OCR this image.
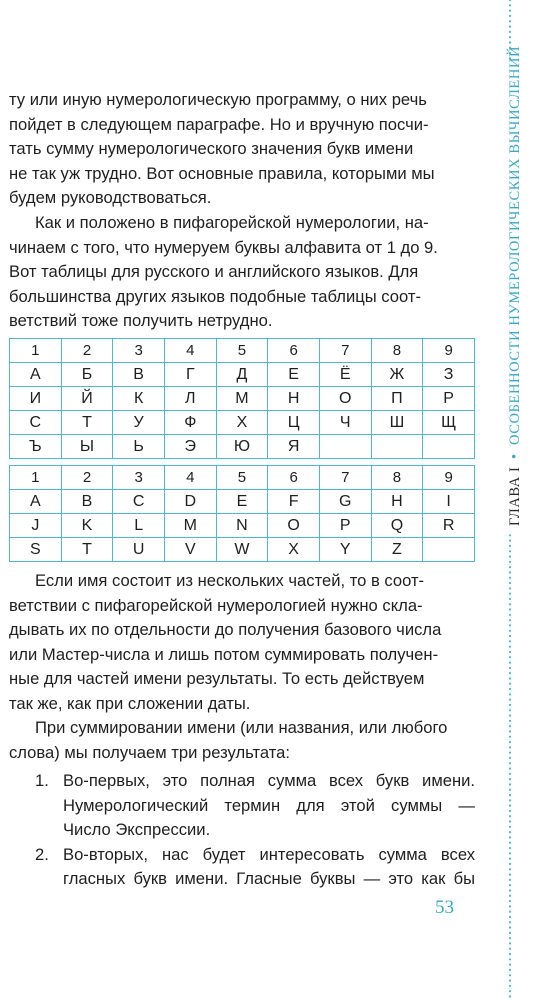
ту или иную нумерологическую программу, о них речь
пойдет в следующем параграфе. Но и вручную посчи-
тать сумму нумерологического значения букв имени
не так уж трудно. Вот основные правила, которыми мы
будем руководствоваться.

Как и положено в пифагорейской нумерологии, на-
чинаем с того, что нумеруем буквы алфавита от 1 до 9.
Вот таблицы для русского и английского языков. Для
большинства других языков подобные таблицы соот-
ветствий тоже получить нетрудно.

1	2	3	4	5	6	7	8	9
А	Б	В	Г	Д	Е	Ё	Ж	З
И	Й	К	Л	М	Н	О	П	Р
С	Т	У	Ф	Х	Ц	Ч	Ш	Щ
Ъ	Ы	Ь	Э	Ю	Я			
1	2	3	4	5	6	7	8	9
A	B	C	D	E	F	G	H	I
J	K	L	M	N	O	P	Q	R
S	T	U	V	W	X	Y	Z	

Если имя состоит из нескольких частей, то в соот-
ветствии с пифагорейской нумерологией нужно скла-
дывать их по отдельности до получения базового числа
или Мастер-числа и лишь потом суммировать получен-
ные для частей имени результаты. То есть действуем
так же, как при сложении даты.

При суммировании имени (или названия, или любого
слова) мы получаем три результата:

1. Во-первых, это полная сумма всех букв имени.
Нумерологический термин для этой суммы —
Число Экспрессии.
2. Во-вторых, нас будет интересовать сумма всех
гласных букв имени. Гласные буквы — это как бы
53
ГЛАВА I
•
ОСОБЕННОСТИ НУМЕРОЛОГИЧЕСКИХ ВЫЧИСЛЕНИЙ
